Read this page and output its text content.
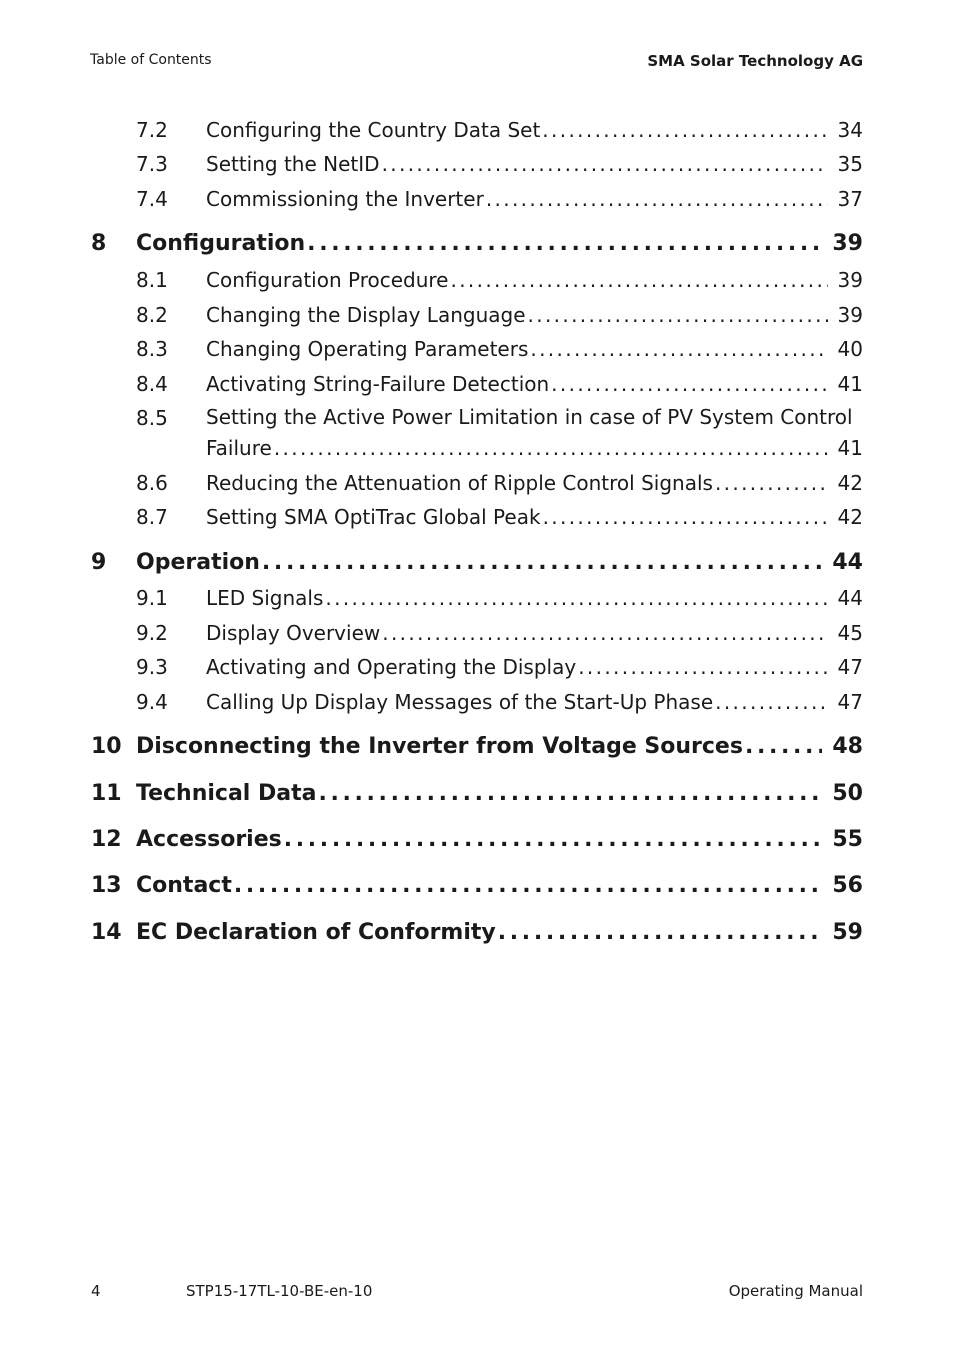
Table of Contents	SMA Solar Technology AG
7.2 Configuring the Country Data Set . . .	34
7.3 Setting the NetID . . .	35
7.4 Commissioning the Inverter . . .	37
8 Configuration . . .	39
8.1 Configuration Procedure . . .	39
8.2 Changing the Display Language . . .	39
8.3 Changing Operating Parameters . . .	40
8.4 Activating String-Failure Detection . . .	41
8.5 Setting the Active Power Limitation in case of PV System Control
Failure . . .	41
8.6 Reducing the Attenuation of Ripple Control Signals . . .	42
8.7 Setting SMA OptiTrac Global Peak . . .	42
9 Operation . . .	44
9.1 LED Signals . . .	44
9.2 Display Overview . . .	45
9.3 Activating and Operating the Display . . .	47
9.4 Calling Up Display Messages of the Start-Up Phase . . .	47
10 Disconnecting the Inverter from Voltage Sources . . .	48
11 Technical Data . . .	50
12 Accessories . . .	55
13 Contact . . .	56
14 EC Declaration of Conformity . . .	59
4	STP15-17TL-10-BE-en-10	Operating Manual
